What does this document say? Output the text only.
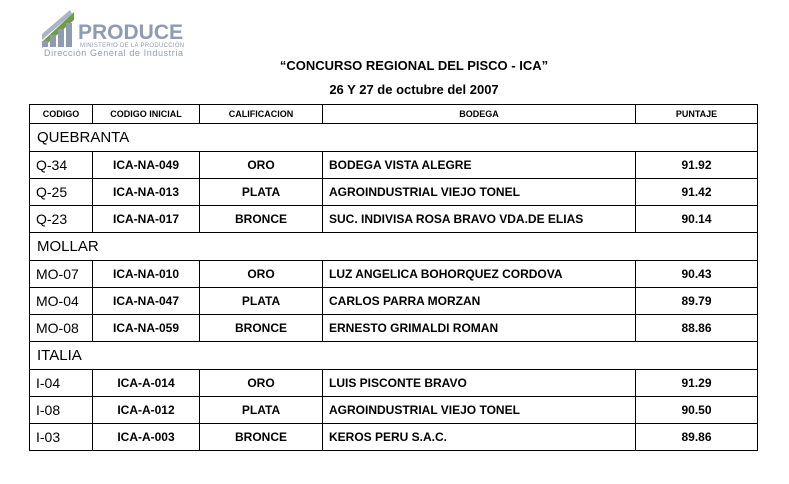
PRODUCE
MINISTERIO DE LA PRODUCCIÓN
Dirección General de Industria
“CONCURSO REGIONAL DEL PISCO - ICA”
26 Y 27 de octubre del 2007
CODIGO	CODIGO INICIAL	CALIFICACION	BODEGA	PUNTAJE
QUEBRANTA				
Q-34	ICA-NA-049	ORO	BODEGA VISTA ALEGRE	91.92
Q-25	ICA-NA-013	PLATA	AGROINDUSTRIAL VIEJO TONEL	91.42
Q-23	ICA-NA-017	BRONCE	SUC. INDIVISA ROSA BRAVO VDA.DE ELIAS	90.14
MOLLAR				
MO-07	ICA-NA-010	ORO	LUZ ANGELICA BOHORQUEZ CORDOVA	90.43
MO-04	ICA-NA-047	PLATA	CARLOS PARRA MORZAN	89.79
MO-08	ICA-NA-059	BRONCE	ERNESTO GRIMALDI ROMAN	88.86
ITALIA				
I-04	ICA-A-014	ORO	LUIS PISCONTE BRAVO	91.29
I-08	ICA-A-012	PLATA	AGROINDUSTRIAL VIEJO TONEL	90.50
I-03	ICA-A-003	BRONCE	KEROS PERU S.A.C.	89.86
